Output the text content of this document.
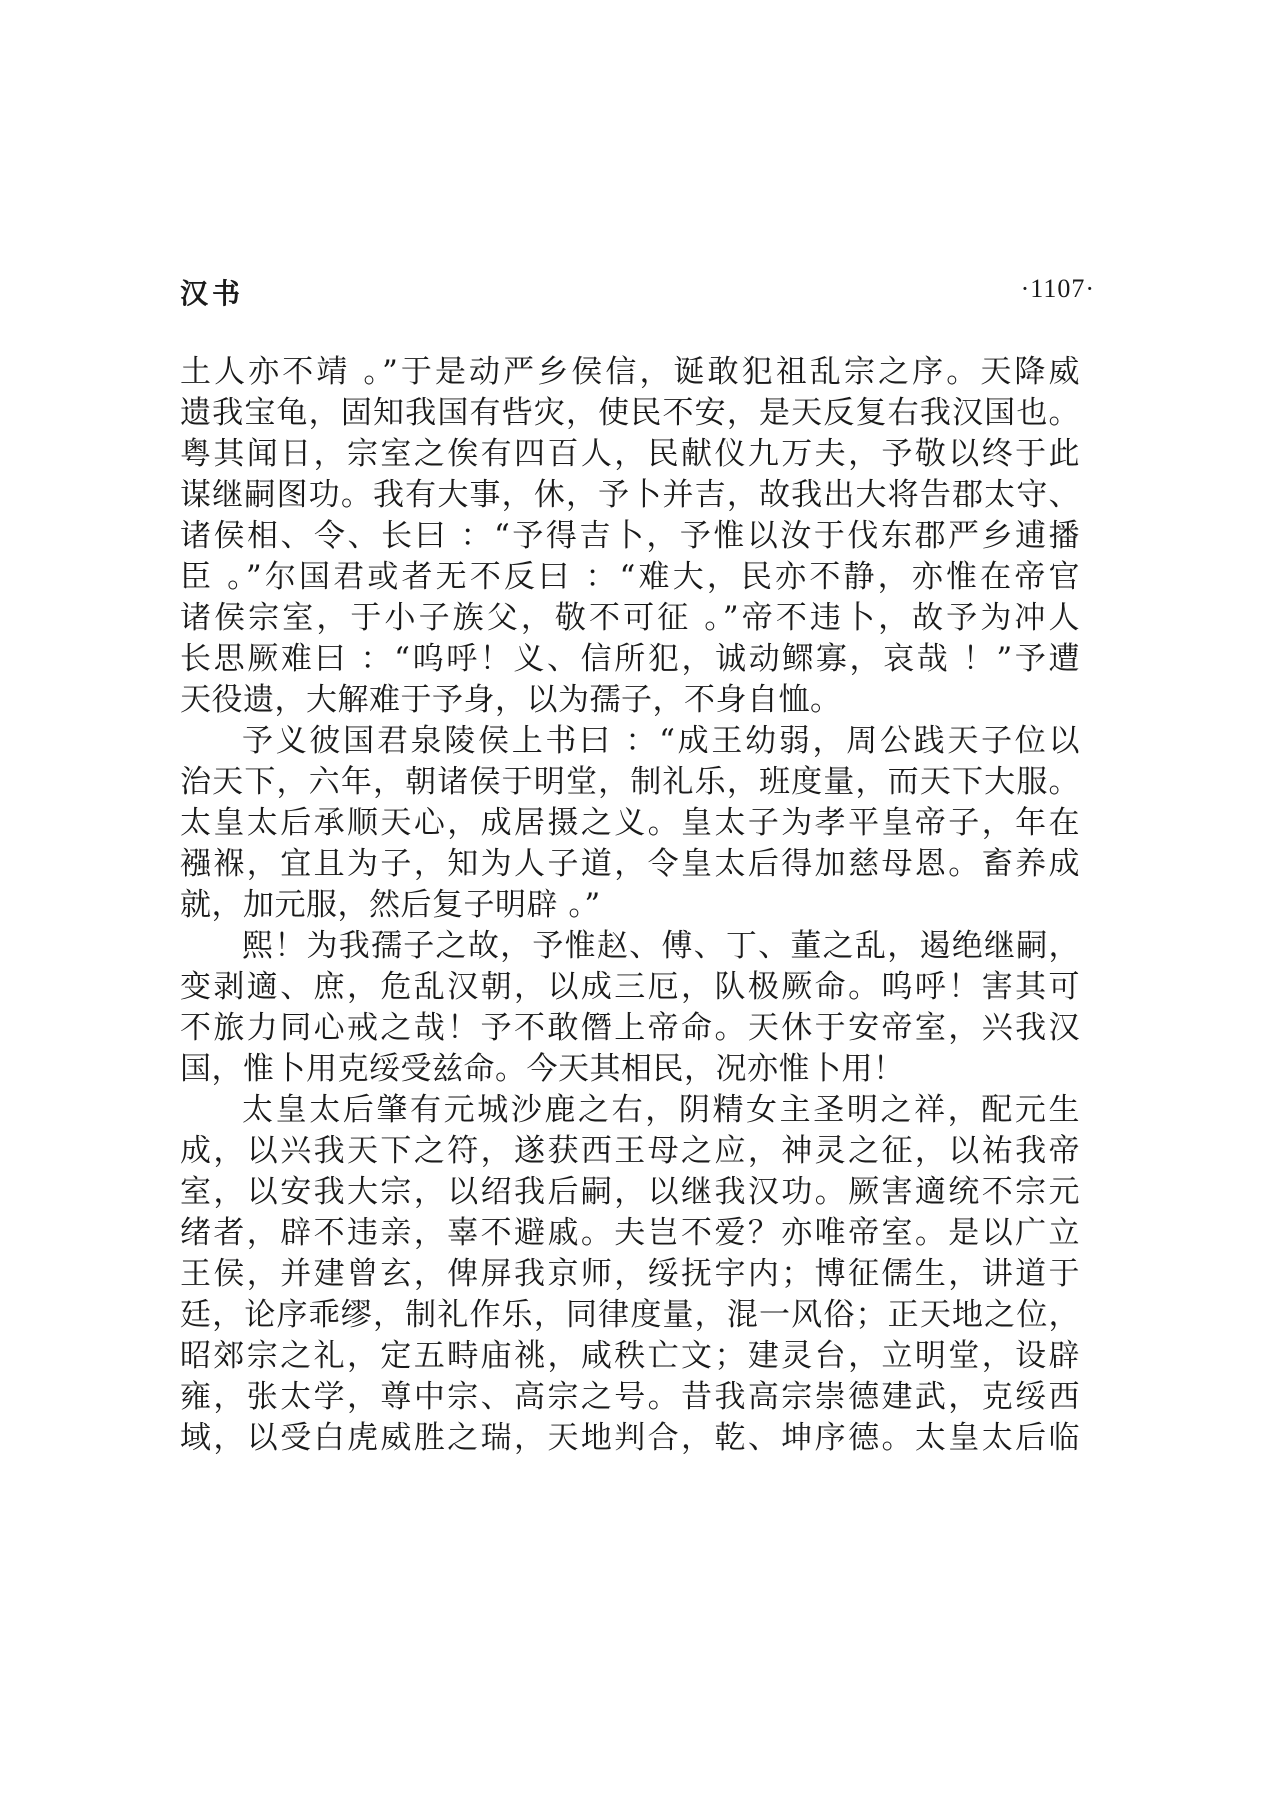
汉书	·1107·
土人亦不靖 。”于是动严乡侯信，诞敢犯祖乱宗之序。天降威
遗我宝龟，固知我国有呰灾，使民不安，是天反复右我汉国也。
粤其闻日，宗室之俟有四百人，民献仪九万夫，予敬以终于此
谋继嗣图功。我有大事，休，予卜并吉，故我出大将告郡太守、
诸侯相、令、长曰 ：“予得吉卜，予惟以汝于伐东郡严乡逋播
臣 。”尔国君或者无不反曰 ：“难大，民亦不静，亦惟在帝官
诸侯宗室，于小子族父，敬不可征 。”帝不违卜，故予为冲人
长思厥难曰 ：“呜呼！义、信所犯，诚动鳏寡，哀哉 ！”予遭
天役遗，大解难于予身，以为孺子，不身自恤。
予义彼国君泉陵侯上书曰 ：“成王幼弱，周公践天子位以
治天下，六年，朝诸侯于明堂，制礼乐，班度量，而天下大服。
太皇太后承顺天心，成居摄之义。皇太子为孝平皇帝子，年在
襁褓，宜且为子，知为人子道，令皇太后得加慈母恩。畜养成
就，加元服，然后复子明辟 。”
熙！为我孺子之故，予惟赵、傅、丁、董之乱，遏绝继嗣，
变剥適、庶，危乱汉朝，以成三厄，队极厥命。呜呼！害其可
不旅力同心戒之哉！予不敢僭上帝命。天休于安帝室，兴我汉
国，惟卜用克绥受兹命。今天其相民，况亦惟卜用！
太皇太后肇有元城沙鹿之右，阴精女主圣明之祥，配元生
成，以兴我天下之符，遂获西王母之应，神灵之征，以祐我帝
室，以安我大宗，以绍我后嗣，以继我汉功。厥害適统不宗元
绪者，辟不违亲，辜不避戚。夫岂不爱？亦唯帝室。是以广立
王侯，并建曾玄，俾屏我京师，绥抚宇内；博征儒生，讲道于
廷，论序乖缪，制礼作乐，同律度量，混一风俗；正天地之位，
昭郊宗之礼，定五畤庙祧，咸秩亡文；建灵台，立明堂，设辟
雍，张太学，尊中宗、高宗之号。昔我高宗崇德建武，克绥西
域，以受白虎威胜之瑞，天地判合，乾、坤序德。太皇太后临
